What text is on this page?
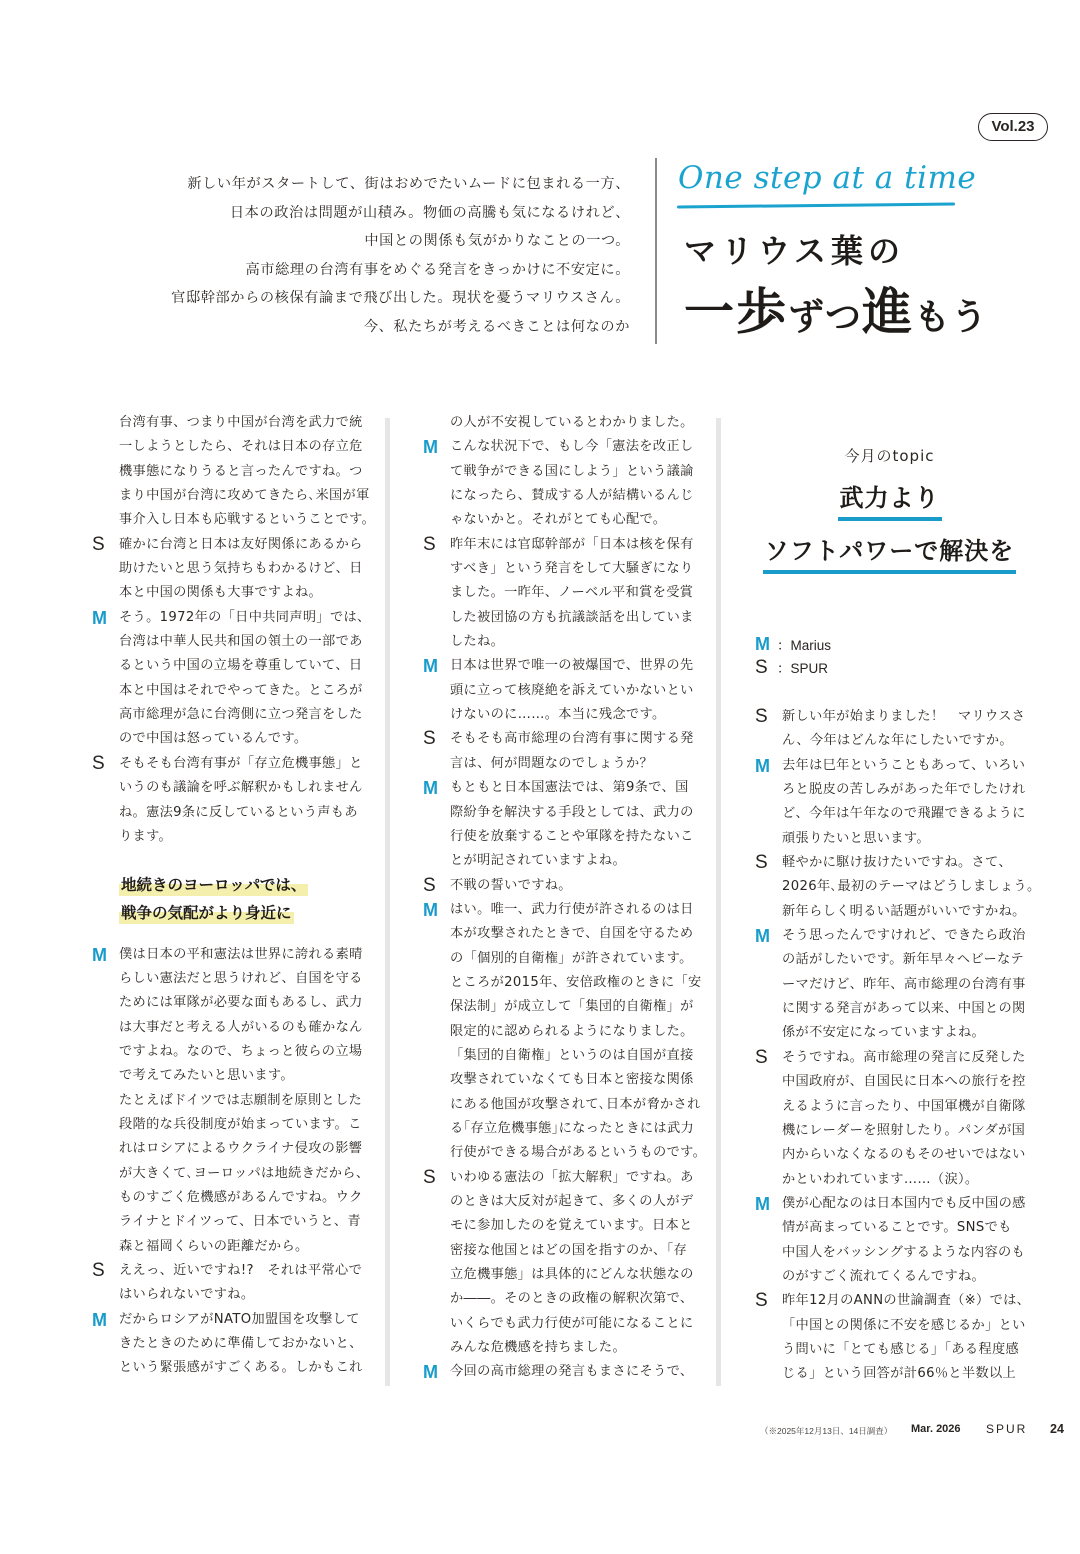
Vol.23
新しい年がスタートして、街はおめでたいムードに包まれる一方、
日本の政治は問題が山積み。物価の高騰も気になるけれど、
中国との関係も気がかりなことの一つ。
高市総理の台湾有事をめぐる発言をきっかけに不安定に。
官邸幹部からの核保有論まで飛び出した。現状を憂うマリウスさん。
今、私たちが考えるべきことは何なのか
One step at a time
マリウス葉の
一歩ずつ進もう
台湾有事、つまり中国が台湾を武力で統
一しようとしたら、それは日本の存立危
機事態になりうると言ったんですね。つ
まり中国が台湾に攻めてきたら､米国が軍
事介入し日本も応戦するということです。
S 確かに台湾と日本は友好関係にあるから
助けたいと思う気持ちもわかるけど、日
本と中国の関係も大事ですよね。
M そう。1972年の「日中共同声明」では、
台湾は中華人民共和国の領土の一部であ
るという中国の立場を尊重していて、日
本と中国はそれでやってきた。ところが
高市総理が急に台湾側に立つ発言をした
ので中国は怒っているんです。
S そもそも台湾有事が「存立危機事態」と
いうのも議論を呼ぶ解釈かもしれません
ね。憲法9条に反しているという声もあ
ります。
地続きのヨーロッパでは、
戦争の気配がより身近に
M 僕は日本の平和憲法は世界に誇れる素晴
らしい憲法だと思うけれど、自国を守る
ためには軍隊が必要な面もあるし、武力
は大事だと考える人がいるのも確かなん
ですよね。なので、ちょっと彼らの立場
で考えてみたいと思います。
たとえばドイツでは志願制を原則とした
段階的な兵役制度が始まっています。こ
れはロシアによるウクライナ侵攻の影響
が大きくて､ヨーロッパは地続きだから、
ものすごく危機感があるんですね。ウク
ライナとドイツって、日本でいうと、青
森と福岡くらいの距離だから。
S ええっ、近いですね!?　それは平常心で
はいられないですね。
M だからロシアがNATO加盟国を攻撃して
きたときのために準備しておかないと、
という緊張感がすごくある。しかもこれ
の人が不安視しているとわかりました。
M こんな状況下で、もし今「憲法を改正し
て戦争ができる国にしよう」という議論
になったら、賛成する人が結構いるんじ
ゃないかと。それがとても心配で。
S 昨年末には官邸幹部が「日本は核を保有
すべき」という発言をして大騒ぎになり
ました。一昨年、ノーベル平和賞を受賞
した被団協の方も抗議談話を出していま
したね。
M 日本は世界で唯一の被爆国で、世界の先
頭に立って核廃絶を訴えていかないとい
けないのに……。本当に残念です。
S そもそも高市総理の台湾有事に関する発
言は、何が問題なのでしょうか？
M もともと日本国憲法では、第9条で、国
際紛争を解決する手段としては、武力の
行使を放棄することや軍隊を持たないこ
とが明記されていますよね。
S 不戦の誓いですね。
M はい。唯一、武力行使が許されるのは日
本が攻撃されたときで、自国を守るため
の「個別的自衛権」が許されています。
ところが2015年、安倍政権のときに「安
保法制」が成立して「集団的自衛権」が
限定的に認められるようになりました。
「集団的自衛権」というのは自国が直接
攻撃されていなくても日本と密接な関係
にある他国が攻撃されて､日本が脅かされ
る｢存立危機事態｣になったときには武力
行使ができる場合があるというものです。
S いわゆる憲法の「拡大解釈」ですね。あ
のときは大反対が起きて、多くの人がデ
モに参加したのを覚えています。日本と
密接な他国とはどの国を指すのか、「存
立危機事態」は具体的にどんな状態なの
か――。そのときの政権の解釈次第で、
いくらでも武力行使が可能になることに
みんな危機感を持ちました。
M 今回の高市総理の発言もまさにそうで、
今月のtopic
武力より
ソフトパワーで解決を
M ：Marius
S ：SPUR
S 新しい年が始まりました！　マリウスさ
ん、今年はどんな年にしたいですか。
M 去年は巳年ということもあって、いろい
ろと脱皮の苦しみがあった年でしたけれ
ど、今年は午年なので飛躍できるように
頑張りたいと思います。
S 軽やかに駆け抜けたいですね。さて、
2026年､最初のテーマはどうしましょう。
新年らしく明るい話題がいいですかね。
M そう思ったんですけれど、できたら政治
の話がしたいです。新年早々ヘビーなテ
ーマだけど、昨年、高市総理の台湾有事
に関する発言があって以来、中国との関
係が不安定になっていますよね。
S そうですね。高市総理の発言に反発した
中国政府が、自国民に日本への旅行を控
えるように言ったり、中国軍機が自衛隊
機にレーダーを照射したり。パンダが国
内からいなくなるのもそのせいではない
かといわれています……（涙）。
M 僕が心配なのは日本国内でも反中国の感
情が高まっていることです。SNSでも
中国人をバッシングするような内容のも
のがすごく流れてくるんですね。
S 昨年12月のANNの世論調査（※）では、
「中国との関係に不安を感じるか」とい
う問いに「とても感じる」「ある程度感
じる」という回答が計66％と半数以上
（※2025年12月13日、14日調査） Mar. 2026 SPUR 24
